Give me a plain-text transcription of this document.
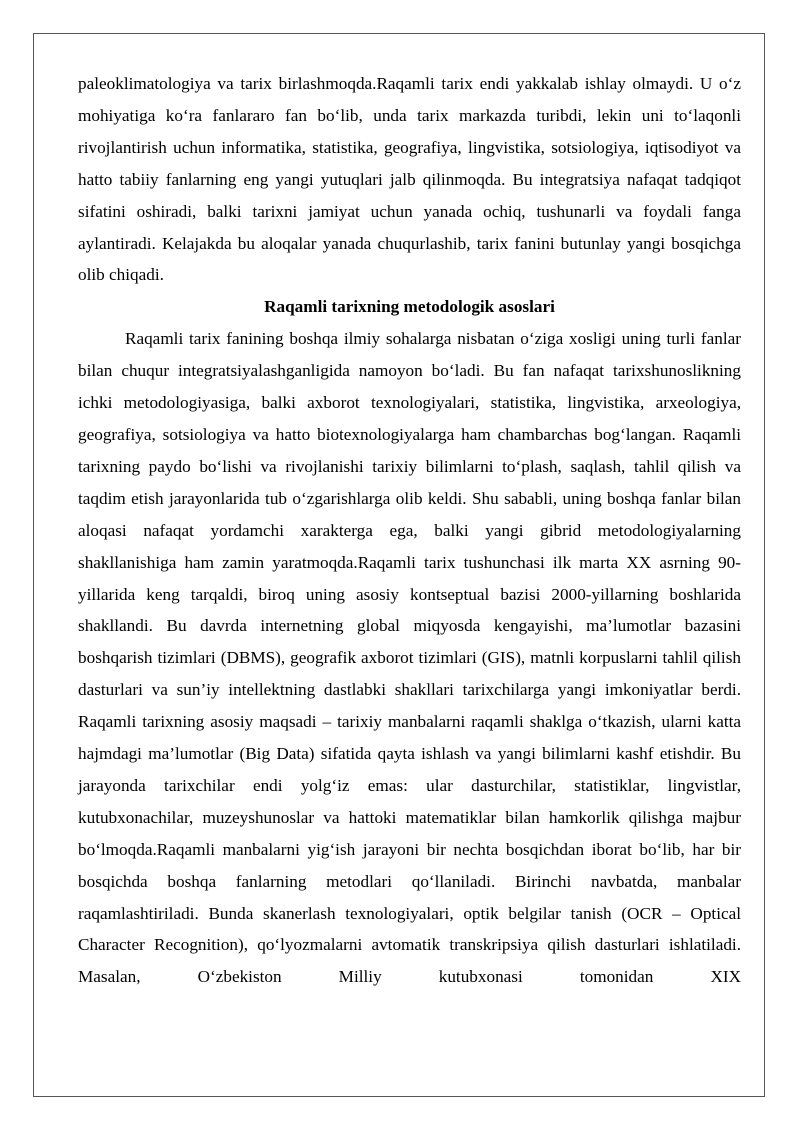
paleoklimatologiya va tarix birlashmoqda.Raqamli tarix endi yakkalab ishlay olmaydi. U o‘z mohiyatiga ko‘ra fanlararo fan bo‘lib, unda tarix markazda turibdi, lekin uni to‘laqonli rivojlantirish uchun informatika, statistika, geografiya, lingvistika, sotsiologiya, iqtisodiyot va hatto tabiiy fanlarning eng yangi yutuqlari jalb qilinmoqda. Bu integratsiya nafaqat tadqiqot sifatini oshiradi, balki tarixni jamiyat uchun yanada ochiq, tushunarli va foydali fanga aylantiradi. Kelajakda bu aloqalar yanada chuqurlashib, tarix fanini butunlay yangi bosqichga olib chiqadi.

Raqamli tarixning metodologik asoslari

Raqamli tarix fanining boshqa ilmiy sohalarga nisbatan o‘ziga xosligi uning turli fanlar bilan chuqur integratsiyalashganligida namoyon bo‘ladi. Bu fan nafaqat tarixshunoslikning ichki metodologiyasiga, balki axborot texnologiyalari, statistika, lingvistika, arxeologiya, geografiya, sotsiologiya va hatto biotexnologiyalarga ham chambarchas bog‘langan. Raqamli tarixning paydo bo‘lishi va rivojlanishi tarixiy bilimlarni to‘plash, saqlash, tahlil qilish va taqdim etish jarayonlarida tub o‘zgarishlarga olib keldi. Shu sababli, uning boshqa fanlar bilan aloqasi nafaqat yordamchi xarakterga ega, balki yangi gibrid metodologiyalarning shakllanishiga ham zamin yaratmoqda.Raqamli tarix tushunchasi ilk marta XX asrning 90-yillarida keng tarqaldi, biroq uning asosiy kontseptual bazisi 2000-yillarning boshlarida shakllandi. Bu davrda internetning global miqyosda kengayishi, ma’lumotlar bazasini boshqarish tizimlari (DBMS), geografik axborot tizimlari (GIS), matnli korpuslarni tahlil qilish dasturlari va sun’iy intellektning dastlabki shakllari tarixchilarga yangi imkoniyatlar berdi. Raqamli tarixning asosiy maqsadi – tarixiy manbalarni raqamli shaklga o‘tkazish, ularni katta hajmdagi ma’lumotlar (Big Data) sifatida qayta ishlash va yangi bilimlarni kashf etishdir. Bu jarayonda tarixchilar endi yolg‘iz emas: ular dasturchilar, statistiklar, lingvistlar, kutubxonachilar, muzeyshunoslar va hattoki matematiklar bilan hamkorlik qilishga majbur bo‘lmoqda.Raqamli manbalarni yig‘ish jarayoni bir nechta bosqichdan iborat bo‘lib, har bir bosqichda boshqa fanlarning metodlari qo‘llaniladi. Birinchi navbatda, manbalar raqamlashtiriladi. Bunda skanerlash texnologiyalari, optik belgilar tanish (OCR – Optical Character Recognition), qo‘lyozmalarni avtomatik transkripsiya qilish dasturlari ishlatiladi. Masalan, O‘zbekiston Milliy kutubxonasi tomonidan XIX
